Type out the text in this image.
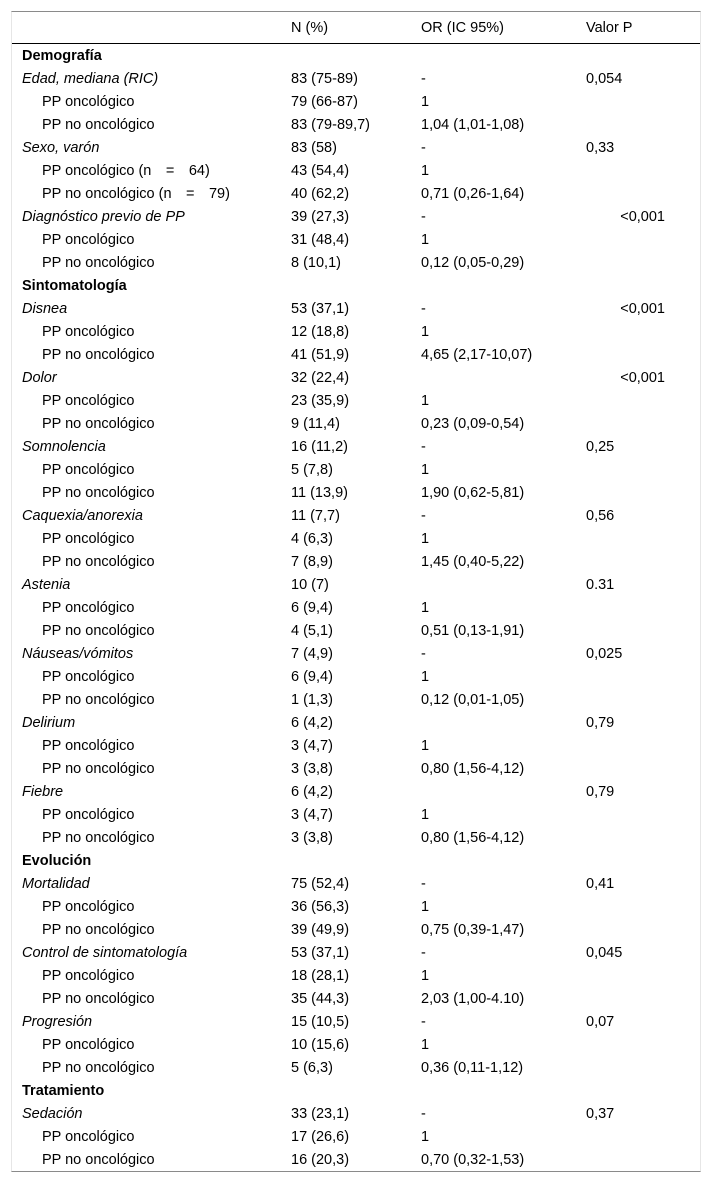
	N (%)	OR (IC 95%)	Valor P
Demografía			
Edad, mediana (RIC)	83 (75-89)	-	0,054
PP oncológico	79 (66-87)	1	
PP no oncológico	83 (79-89,7)	1,04 (1,01-1,08)	
Sexo, varón	83 (58)	-	0,33
PP oncológico (n = 64)	43 (54,4)	1	
PP no oncológico (n = 79)	40 (62,2)	0,71 (0,26-1,64)	
Diagnóstico previo de PP	39 (27,3)	-	<0,001
PP oncológico	31 (48,4)	1	
PP no oncológico	8 (10,1)	0,12 (0,05-0,29)	
Sintomatología			
Disnea	53 (37,1)	-	<0,001
PP oncológico	12 (18,8)	1	
PP no oncológico	41 (51,9)	4,65 (2,17-10,07)	
Dolor	32 (22,4)		<0,001
PP oncológico	23 (35,9)	1	
PP no oncológico	9 (11,4)	0,23 (0,09-0,54)	
Somnolencia	16 (11,2)	-	0,25
PP oncológico	5 (7,8)	1	
PP no oncológico	11 (13,9)	1,90 (0,62-5,81)	
Caquexia/anorexia	11 (7,7)	-	0,56
PP oncológico	4 (6,3)	1	
PP no oncológico	7 (8,9)	1,45 (0,40-5,22)	
Astenia	10 (7)		0.31
PP oncológico	6 (9,4)	1	
PP no oncológico	4 (5,1)	0,51 (0,13-1,91)	
Náuseas/vómitos	7 (4,9)	-	0,025
PP oncológico	6 (9,4)	1	
PP no oncológico	1 (1,3)	0,12 (0,01-1,05)	
Delirium	6 (4,2)		0,79
PP oncológico	3 (4,7)	1	
PP no oncológico	3 (3,8)	0,80 (1,56-4,12)	
Fiebre	6 (4,2)		0,79
PP oncológico	3 (4,7)	1	
PP no oncológico	3 (3,8)	0,80 (1,56-4,12)	
Evolución			
Mortalidad	75 (52,4)	-	0,41
PP oncológico	36 (56,3)	1	
PP no oncológico	39 (49,9)	0,75 (0,39-1,47)	
Control de sintomatología	53 (37,1)	-	0,045
PP oncológico	18 (28,1)	1	
PP no oncológico	35 (44,3)	2,03 (1,00-4.10)	
Progresión	15 (10,5)	-	0,07
PP oncológico	10 (15,6)	1	
PP no oncológico	5 (6,3)	0,36 (0,11-1,12)	
Tratamiento			
Sedación	33 (23,1)	-	0,37
PP oncológico	17 (26,6)	1	
PP no oncológico	16 (20,3)	0,70 (0,32-1,53)	
